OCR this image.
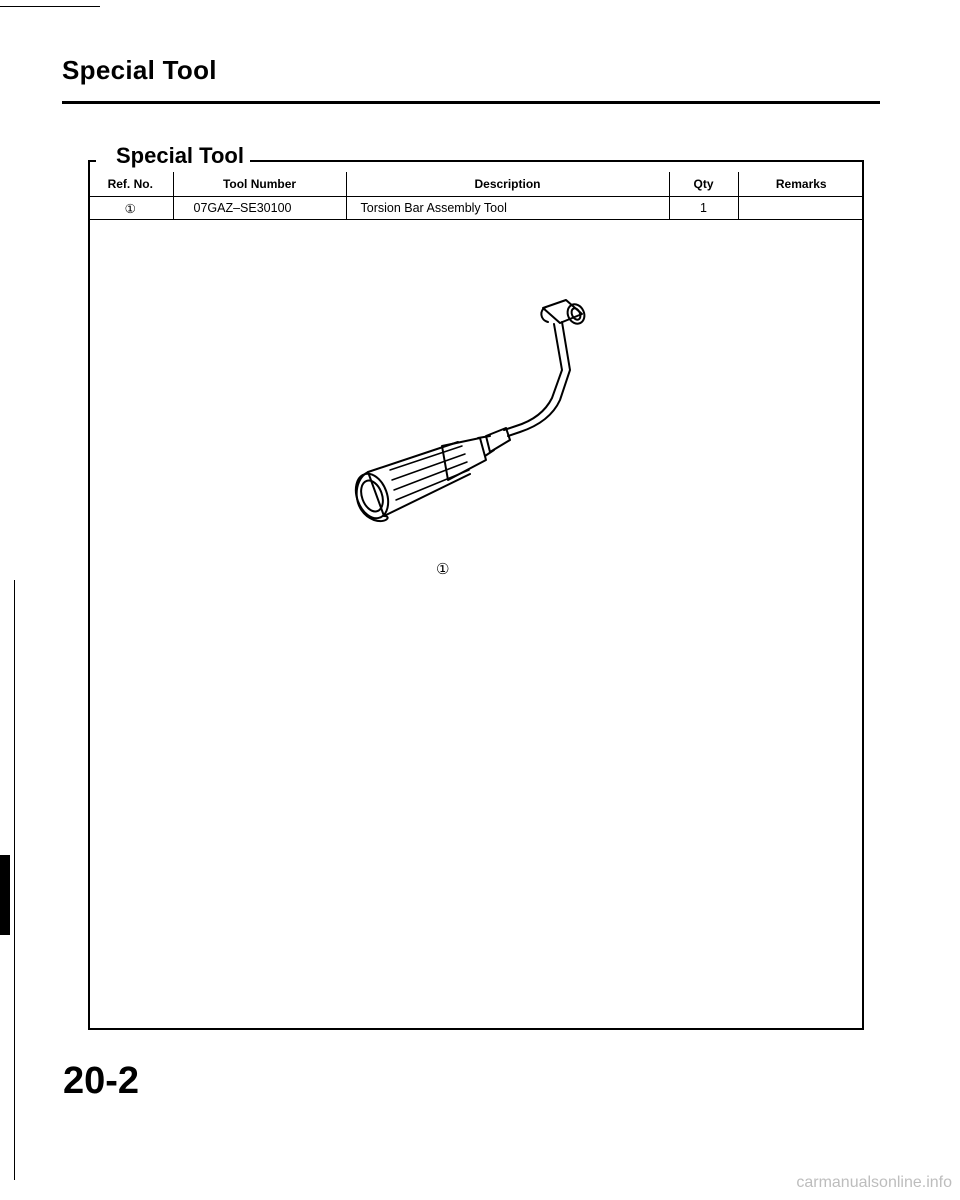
Special Tool
Special Tool
Ref. No.	Tool Number	Description	Qty	Remarks
①	07GAZ–SE30100	Torsion Bar Assembly Tool	1	
①
20-2
carmanualsonline.info
